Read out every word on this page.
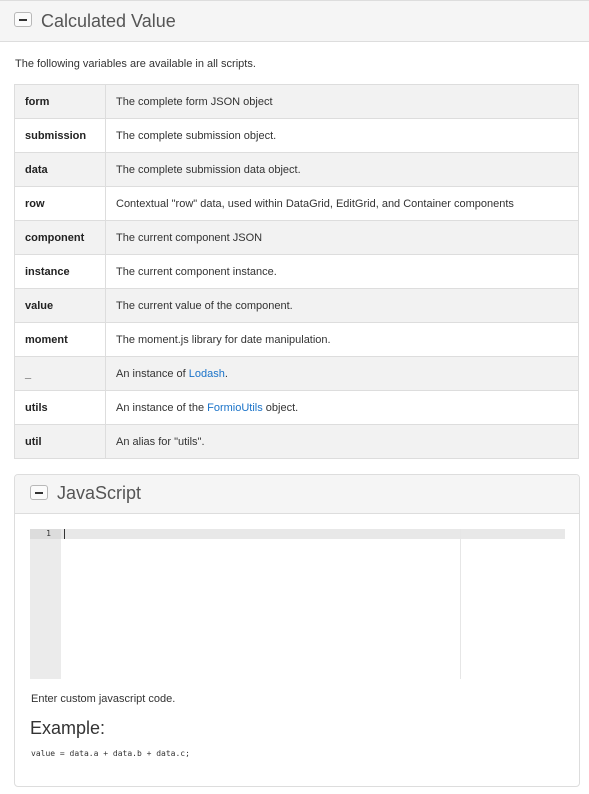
Calculated Value
The following variables are available in all scripts.
form	The complete form JSON object
submission	The complete submission object.
data	The complete submission data object.
row	Contextual "row" data, used within DataGrid, EditGrid, and Container components
component	The current component JSON
instance	The current component instance.
value	The current value of the component.
moment	The moment.js library for date manipulation.
_	An instance of Lodash.
utils	An instance of the FormioUtils object.
util	An alias for "utils".
JavaScript
1
Enter custom javascript code.
Example:
value = data.a + data.b + data.c;
